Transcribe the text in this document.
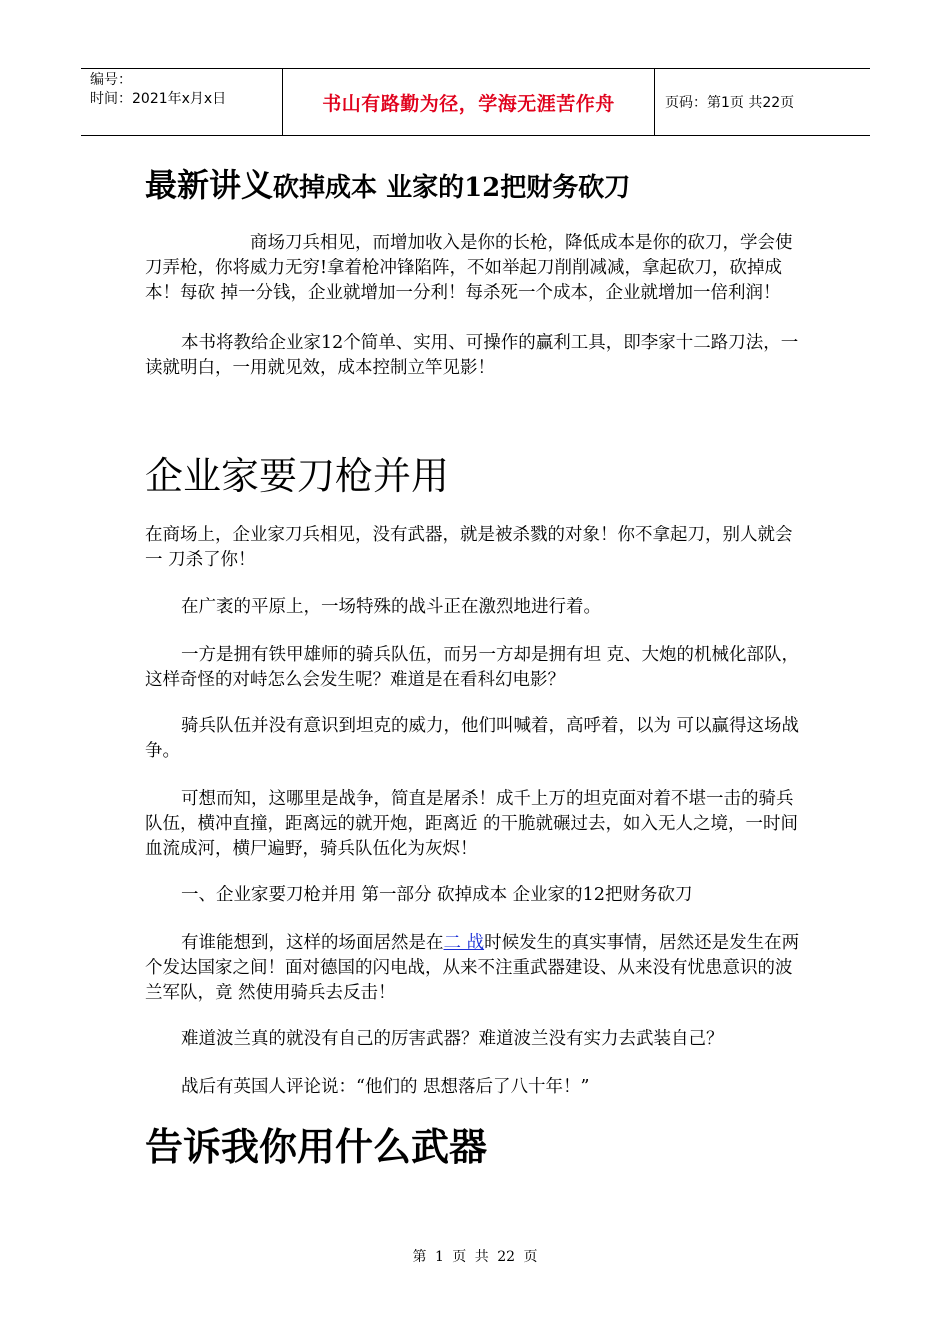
编号：
时间：2021年x月x日	书山有路勤为径，学海无涯苦作舟	页码：第1页 共22页
最新讲义砍掉成本 业家的12把财务砍刀
商场刀兵相见，而增加收入是你的长枪，降低成本是你的砍刀，学会使刀弄枪，你将威力无穷!拿着枪冲锋陷阵，不如举起刀削削减减，拿起砍刀，砍掉成本！每砍 掉一分钱，企业就增加一分利！每杀死一个成本，企业就增加一倍利润！
本书将教给企业家12个简单、实用、可操作的赢利工具，即李家十二路刀法，一读就明白，一用就见效，成本控制立竿见影！
企业家要刀枪并用
在商场上，企业家刀兵相见，没有武器，就是被杀戮的对象！你不拿起刀，别人就会一 刀杀了你！
在广袤的平原上，一场特殊的战斗正在激烈地进行着。
一方是拥有铁甲雄师的骑兵队伍，而另一方却是拥有坦 克、大炮的机械化部队，这样奇怪的对峙怎么会发生呢？难道是在看科幻电影？
骑兵队伍并没有意识到坦克的威力，他们叫喊着，高呼着，以为 可以赢得这场战争。
可想而知，这哪里是战争，简直是屠杀！成千上万的坦克面对着不堪一击的骑兵队伍，横冲直撞，距离远的就开炮，距离近 的干脆就碾过去，如入无人之境，一时间血流成河，横尸遍野，骑兵队伍化为灰烬！
一、企业家要刀枪并用 第一部分 砍掉成本 企业家的12把财务砍刀
有谁能想到，这样的场面居然是在二 战时候发生的真实事情，居然还是发生在两个发达国家之间！面对德国的闪电战，从来不注重武器建设、从来没有忧患意识的波兰军队，竟 然使用骑兵去反击！
难道波兰真的就没有自己的厉害武器？难道波兰没有实力去武装自己？
战后有英国人评论说：“他们的 思想落后了八十年！”
告诉我你用什么武器
第 1 页 共 22 页
